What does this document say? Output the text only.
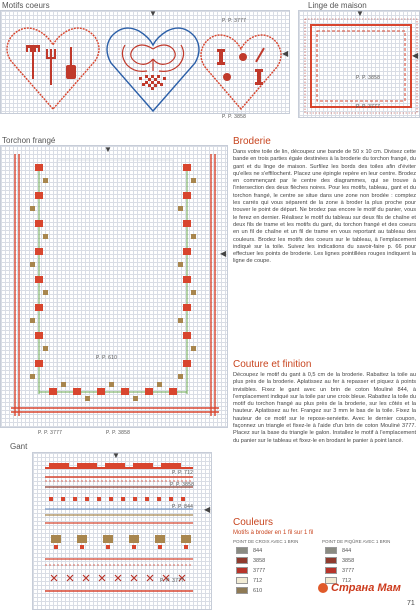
Motifs coeurs
▼
◀
P. P. 3777
P. P. 3858
Linge de maison
▼
◀
P. P. 3858
P. P. 3777
Torchon frangé
▼
◀
P. P. 610
P. P. 3777	P. P. 3858
Gant
▼
◀
P. P. 712
P. P. 3858
P. P. 844
P. P. 3777
Broderie

Dans votre toile de lin, découpez une bande de 50 x 10 cm. Divisez cette bande en trois parties égale destinées à la broderie du torchon frangé, du gant et du linge de maison. Surfilez les bords des toiles afin d'éviter qu'elles ne s'effilochent. Placez une épingle repère en leur centre. Brodez en commençant par le centre des diagrammes, qui se trouve à l'intersection des deux flèches noires. Pour les motifs, tableau, gant et du torchon frangé, le centre se situe dans une zone non brodée : comptez les carrés qui vous séparent de la zone à broder la plus proche pour trouver le point de départ. Ne brodez pas encore le motif du panier, vous le ferez en dernier. Réalisez le motif du tableau sur deux fils de chaîne et deux fils de trame et les motifs du gant, du torchon frangé et des coeurs en un fil de chaîne et un fil de trame en vous reportant au tableau des couleurs. Brodez les motifs des coeurs sur le tableau, à l'emplacement indiqué sur la toile. Suivez les indications du savoir-faire p. 66 pour effectuer les points de broderie. Les lignes pointillées rouges indiquent la ligne de coupe.

Couture et finition

Découpez le motif du gant à 0,5 cm de la broderie. Rabattez la toile au plus près de la broderie. Aplatissez au fer à repasser et piquez à points invisibles. Fixez le gant avec un brin de coton Mouliné 844, à l'emplacement indiqué sur la toile par une croix bleue. Rabattez la toile du motif du torchon frangé au plus près de la broderie, sur les côtés et la hauteur. Aplatissez au fer. Frangez sur 3 mm le bas de la toile. Fixez la hauteur de ce motif sur le repose-serviette. Avec le dernier coupon, façonnez un triangle et fixez-le à l'aide d'un brin de coton Mouliné 3777. Placez sur la base du triangle le galon. Installez le motif à l'emplacement du panier sur le tableau et fixez-le en brodant le panier à point lancé.

Couleurs
Motifs à broder en 1 fil sur 1 fil
POINT DE CROIX AVEC 1 BRIN	POINT DE PIQÛRE AVEC 1 BRIN
844
3858
3777
712
610
844
3858
3777
712
71
Страна Мам
